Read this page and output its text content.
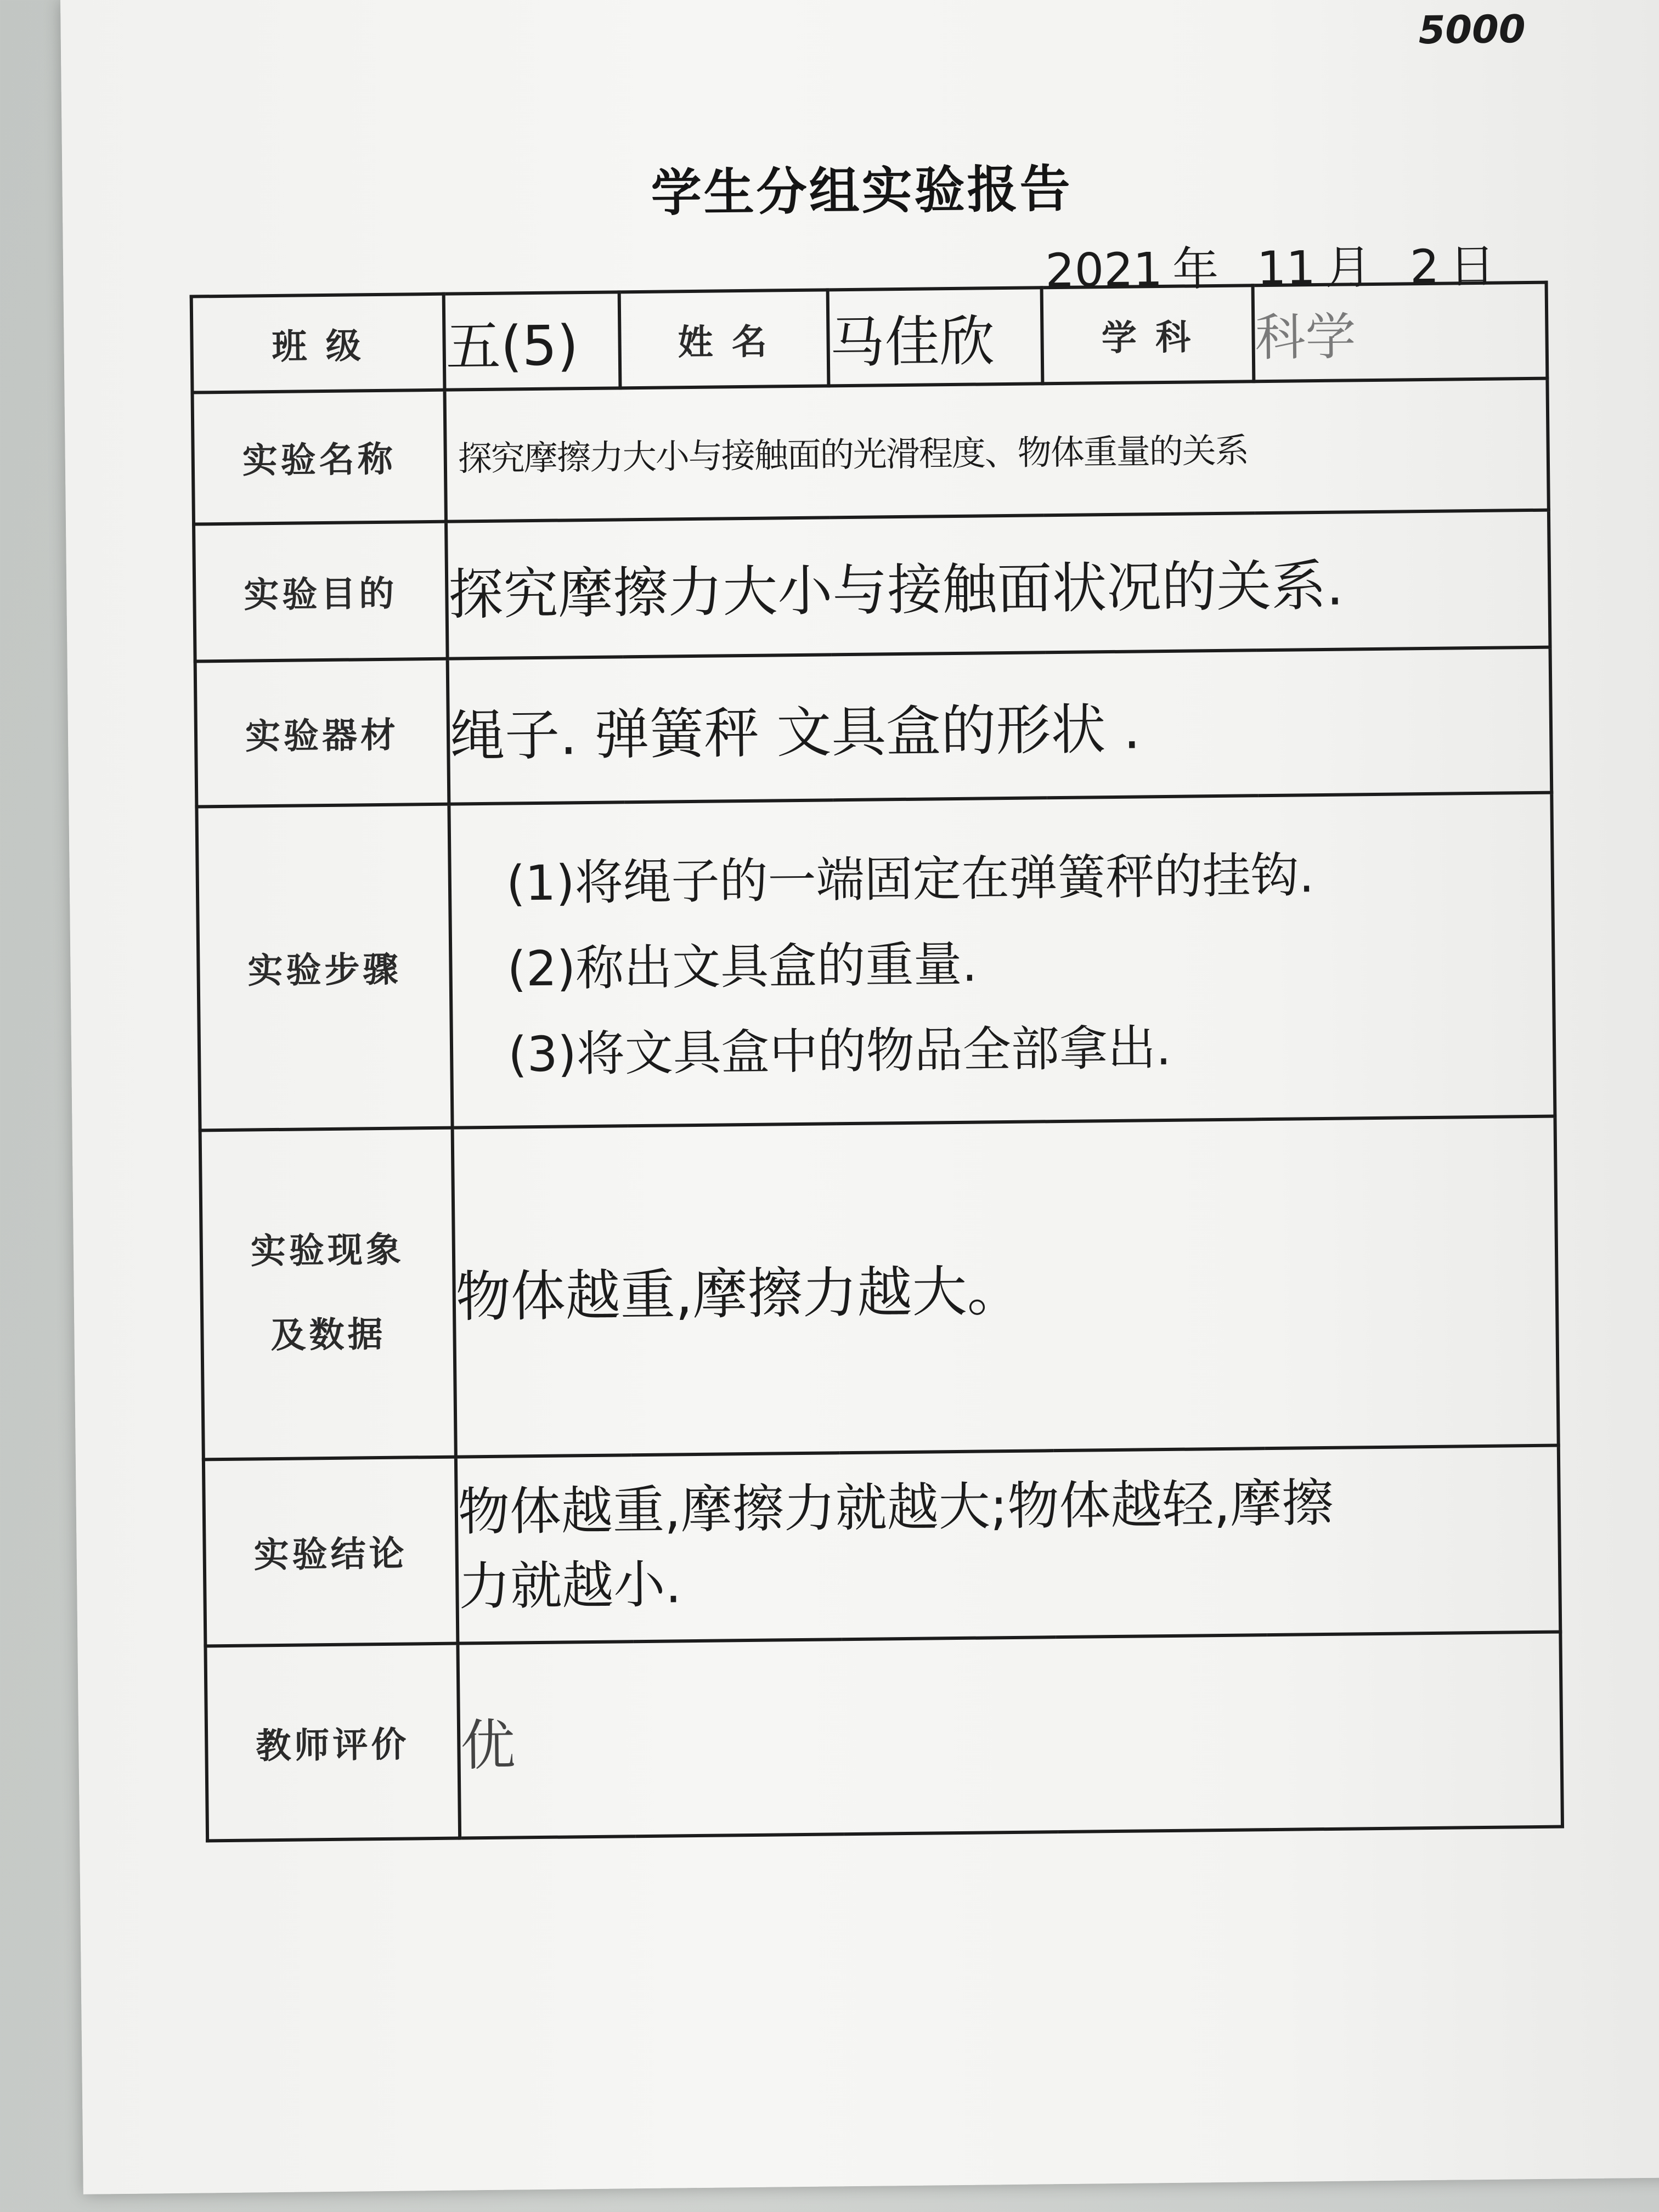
5000
学生分组实验报告
2021 年 11 月 2 日
班 级	五(5)	姓 名	马佳欣	学 科	科学
实验名称	探究摩擦力大小与接触面的光滑程度、物体重量的关系				
实验目的	探究摩擦力大小与接触面状况的关系.				
实验器材	绳子. 弹簧秤 文具盒的形状 .				
实验步骤	(1)将绳子的一端固定在弹簧秤的挂钩.
(2)称出文具盒的重量.
(3)将文具盒中的物品全部拿出.				

实验现象
及数据	物体越重,摩擦力越大。				
实验结论	物体越重,摩擦力就越大;物体越轻,摩擦
力就越小.				

教师评价	优				
